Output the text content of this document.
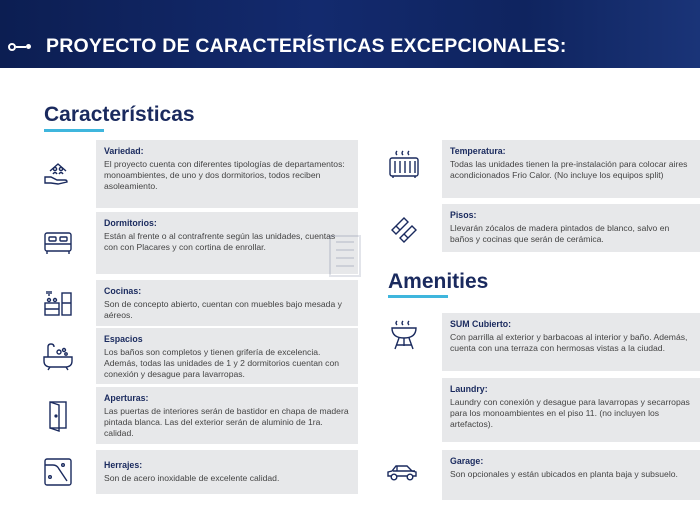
PROYECTO DE CARACTERÍSTICAS EXCEPCIONALES:
Características
Variedad:
El proyecto cuenta con diferentes tipologías de departamentos: monoambientes, de uno y dos dormitorios, todos reciben asoleamiento.
Dormitorios:
Están al frente o al contrafrente según las unidades, cuentas con con Placares y con cortina de enrollar.
Cocinas:
Son de concepto abierto, cuentan con muebles bajo mesada y aéreos.
Espacios
Los baños son completos y tienen grifería de excelencia. Además, todas las unidades de 1 y 2 dormitorios cuentan con conexión y desague para lavarropas.
Aperturas:
Las puertas de interiores serán de bastidor en chapa de madera pintada blanca. Las del exterior serán de aluminio de 1ra. calidad.
Herrajes:
Son de acero inoxidable de excelente calidad.
Temperatura:
Todas las unidades tienen la pre-instalación para colocar aires acondicionados Frio Calor. (No incluye los equipos split)
Pisos:
Llevarán zócalos de madera pintados de blanco, salvo en baños y cocinas que serán de cerámica.
Amenities
SUM Cubierto:
Con parrilla al exterior y barbacoas al interior y baño. Además, cuenta con una terraza con hermosas vistas a la ciudad.
Laundry:
Laundry con conexión y desague para lavarropas y secarropas para los monoambientes en el piso 11. (no incluyen los artefactos).
Garage:
Son opcionales y están ubicados en planta baja y subsuelo.
